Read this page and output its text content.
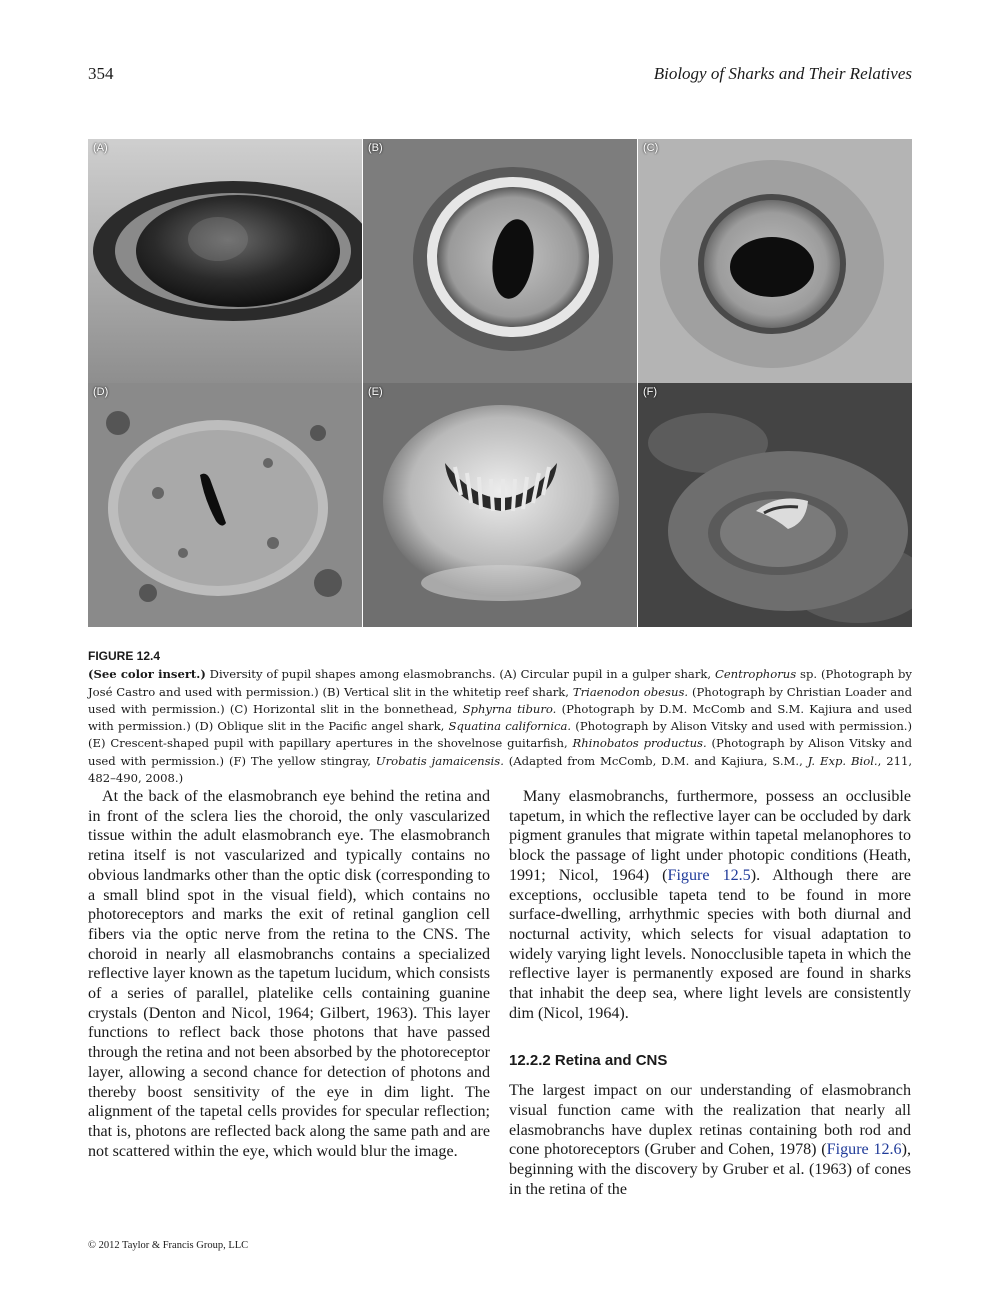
354	Biology of Sharks and Their Relatives
(A)	(B)	(C)
(D)	(E)	(F)
FIGURE 12.4
(See color insert.) Diversity of pupil shapes among elasmobranchs. (A) Circular pupil in a gulper shark, Centrophorus sp. (Photograph by José Castro and used with permission.) (B) Vertical slit in the whitetip reef shark, Triaenodon obesus. (Photograph by Christian Loader and used with permission.) (C) Horizontal slit in the bonnethead, Sphyrna tiburo. (Photograph by D.M. McComb and S.M. Kajiura and used with permission.) (D) Oblique slit in the Pacific angel shark, Squatina californica. (Photograph by Alison Vitsky and used with permission.) (E) Crescent-shaped pupil with papillary apertures in the shovelnose guitarfish, Rhinobatos productus. (Photograph by Alison Vitsky and used with permission.) (F) The yellow stingray, Urobatis jamaicensis. (Adapted from McComb, D.M. and Kajiura, S.M., J. Exp. Biol., 211, 482–490, 2008.)

At the back of the elasmobranch eye behind the retina and in front of the sclera lies the choroid, the only vascularized tissue within the adult elasmobranch eye. The elasmobranch retina itself is not vascularized and typically contains no obvious landmarks other than the optic disk (corresponding to a small blind spot in the visual field), which contains no photoreceptors and marks the exit of retinal ganglion cell fibers via the optic nerve from the retina to the CNS. The choroid in nearly all elasmobranchs contains a specialized reflective layer known as the tapetum lucidum, which consists of a series of parallel, platelike cells containing guanine crystals (Denton and Nicol, 1964; Gilbert, 1963). This layer functions to reflect back those photons that have passed through the retina and not been absorbed by the photoreceptor layer, allowing a second chance for detection of photons and thereby boost sensitivity of the eye in dim light. The alignment of the tapetal cells provides for specular reflection; that is, photons are reflected back along the same path and are not scattered within the eye, which would blur the image.

Many elasmobranchs, furthermore, possess an occlusible tapetum, in which the reflective layer can be occluded by dark pigment granules that migrate within tapetal melanophores to block the passage of light under photopic conditions (Heath, 1991; Nicol, 1964) (Figure 12.5). Although there are exceptions, occlusible tapeta tend to be found in more surface-dwelling, arrhythmic species with both diurnal and nocturnal activity, which selects for visual adaptation to widely varying light levels. Nonocclusible tapeta in which the reflective layer is permanently exposed are found in sharks that inhabit the deep sea, where light levels are consistently dim (Nicol, 1964).

12.2.2 Retina and CNS

The largest impact on our understanding of elasmobranch visual function came with the realization that nearly all elasmobranchs have duplex retinas containing both rod and cone photoreceptors (Gruber and Cohen, 1978) (Figure 12.6), beginning with the discovery by Gruber et al. (1963) of cones in the retina of the

© 2012 Taylor & Francis Group, LLC
